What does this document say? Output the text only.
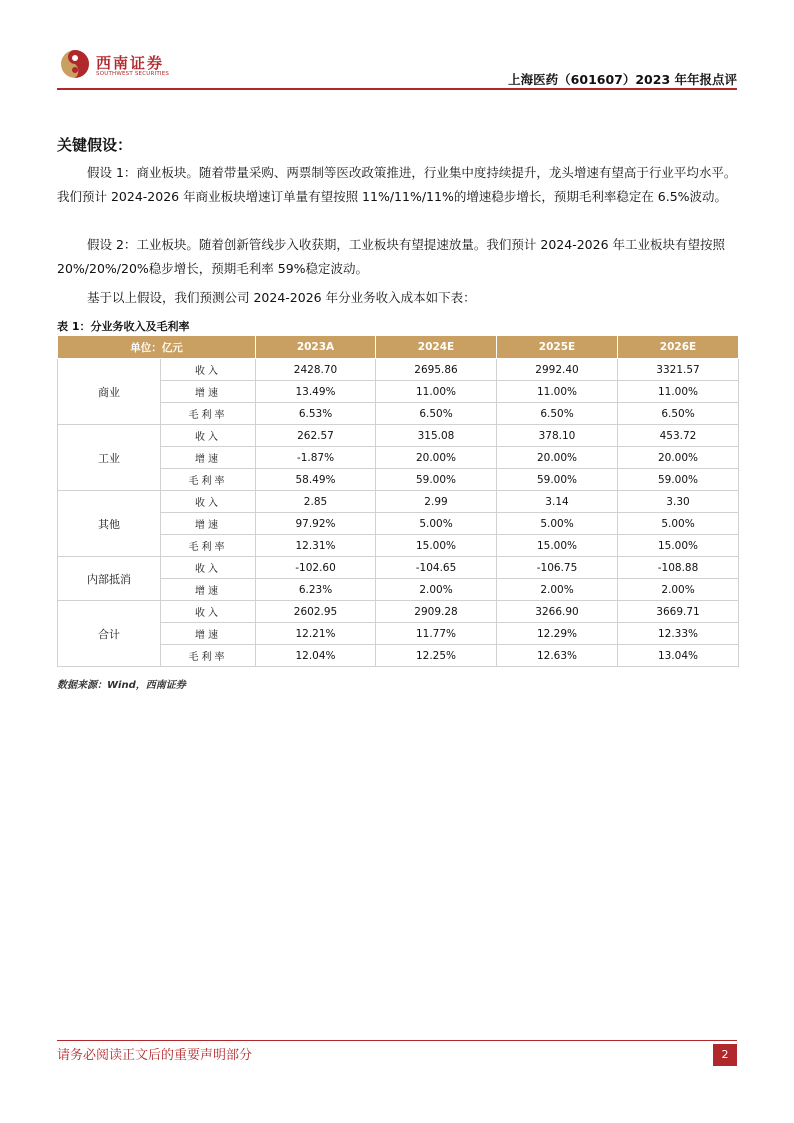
西南证券
SOUTHWEST SECURITIES	上海医药（601607）2023 年年报点评
关键假设：
假设 1：商业板块。随着带量采购、两票制等医改政策推进，行业集中度持续提升，龙头增速有望高于行业平均水平。我们预计 2024-2026 年商业板块增速订单量有望按照 11%/11%/11%的增速稳步增长，预期毛利率稳定在 6.5%波动。
假设 2：工业板块。随着创新管线步入收获期，工业板块有望提速放量。我们预计 2024-2026 年工业板块有望按照 20%/20%/20%稳步增长，预期毛利率 59%稳定波动。
基于以上假设，我们预测公司 2024-2026 年分业务收入成本如下表：
表 1：分业务收入及毛利率
单位：亿元		2023A	2024E	2025E	2026E
商业	收入	2428.70	2695.86	2992.40	3321.57
	增速	13.49%	11.00%	11.00%	11.00%
	毛利率	6.53%	6.50%	6.50%	6.50%
工业	收入	262.57	315.08	378.10	453.72
	增速	-1.87%	20.00%	20.00%	20.00%
	毛利率	58.49%	59.00%	59.00%	59.00%
其他	收入	2.85	2.99	3.14	3.30
	增速	97.92%	5.00%	5.00%	5.00%
	毛利率	12.31%	15.00%	15.00%	15.00%
内部抵消	收入	-102.60	-104.65	-106.75	-108.88
	增速	6.23%	2.00%	2.00%	2.00%
合计	收入	2602.95	2909.28	3266.90	3669.71
	增速	12.21%	11.77%	12.29%	12.33%
	毛利率	12.04%	12.25%	12.63%	13.04%
数据来源：Wind，西南证券
请务必阅读正文后的重要声明部分	2
